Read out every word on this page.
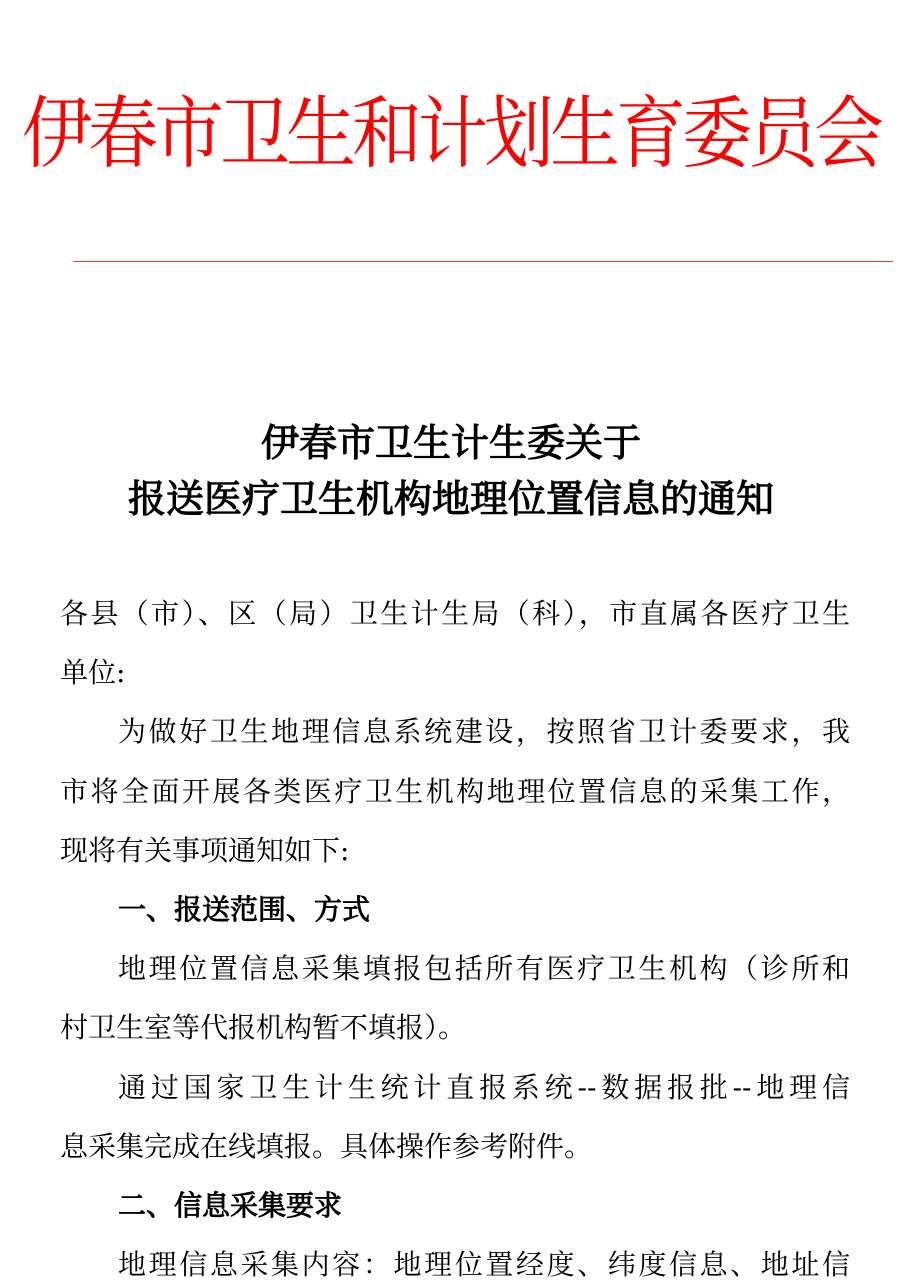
伊春市卫生和计划生育委员会
伊春市卫生计生委关于
报送医疗卫生机构地理位置信息的通知
各县（市）、区（局）卫生计生局（科），市直属各医疗卫生
单位:
为做好卫生地理信息系统建设，按照省卫计委要求，我
市将全面开展各类医疗卫生机构地理位置信息的采集工作，
现将有关事项通知如下:
一、报送范围、方式
地理位置信息采集填报包括所有医疗卫生机构（诊所和
村卫生室等代报机构暂不填报）。
通过国家卫生计生统计直报系统--数据报批--地理信
息采集完成在线填报。具体操作参考附件。
二、信息采集要求
地理信息采集内容：地理位置经度、纬度信息、地址信
